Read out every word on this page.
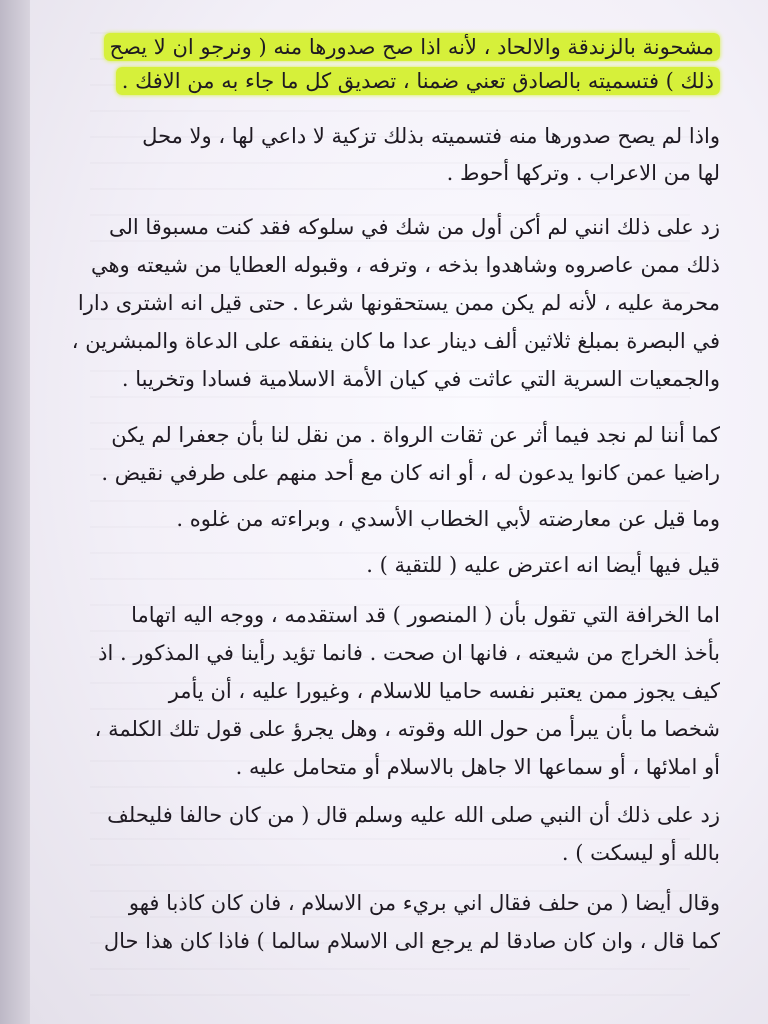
مشحونة بالزندقة والالحاد ، لأنه اذا صح صدورها منه ( ونرجو ان لا يصح
ذلك ) فتسميته بالصادق تعني ضمنا ، تصديق كل ما جاء به من الافك .
واذا لم يصح صدورها منه فتسميته بذلك تزكية لا داعي لها ، ولا محل
لها من الاعراب . وتركها أحوط .
زد على ذلك انني لم أكن أول من شك في سلوكه فقد كنت مسبوقا الى
ذلك ممن عاصروه وشاهدوا بذخه ، وترفه ، وقبوله العطايا من شيعته وهي
محرمة عليه ، لأنه لم يكن ممن يستحقونها شرعا . حتى قيل انه اشترى دارا
في البصرة بمبلغ ثلاثين ألف دينار عدا ما كان ينفقه على الدعاة والمبشرين ،
والجمعيات السرية التي عاثت في كيان الأمة الاسلامية فسادا وتخريبا .
كما أننا لم نجد فيما أثر عن ثقات الرواة . من نقل لنا بأن جعفرا لم يكن
راضيا عمن كانوا يدعون له ، أو انه كان مع أحد منهم على طرفي نقيض .
وما قيل عن معارضته لأبي الخطاب الأسدي ، وبراءته من غلوه .
قيل فيها أيضا انه اعترض عليه ( للتقية ) .
اما الخرافة التي تقول بأن ( المنصور ) قد استقدمه ، ووجه اليه اتهاما
بأخذ الخراج من شيعته ، فانها ان صحت . فانما تؤيد رأينا في المذكور . اذ
كيف يجوز ممن يعتبر نفسه حاميا للاسلام ، وغيورا عليه ، أن يأمر
شخصا ما بأن يبرأ من حول الله وقوته ، وهل يجرؤ على قول تلك الكلمة ،
أو املائها ، أو سماعها الا جاهل بالاسلام أو متحامل عليه .
زد على ذلك أن النبي صلى الله عليه وسلم قال ( من كان حالفا فليحلف
بالله أو ليسكت ) .
وقال أيضا ( من حلف فقال اني بريء من الاسلام ، فان كان كاذبا فهو
كما قال ، وان كان صادقا لم يرجع الى الاسلام سالما ) فاذا كان هذا حال
